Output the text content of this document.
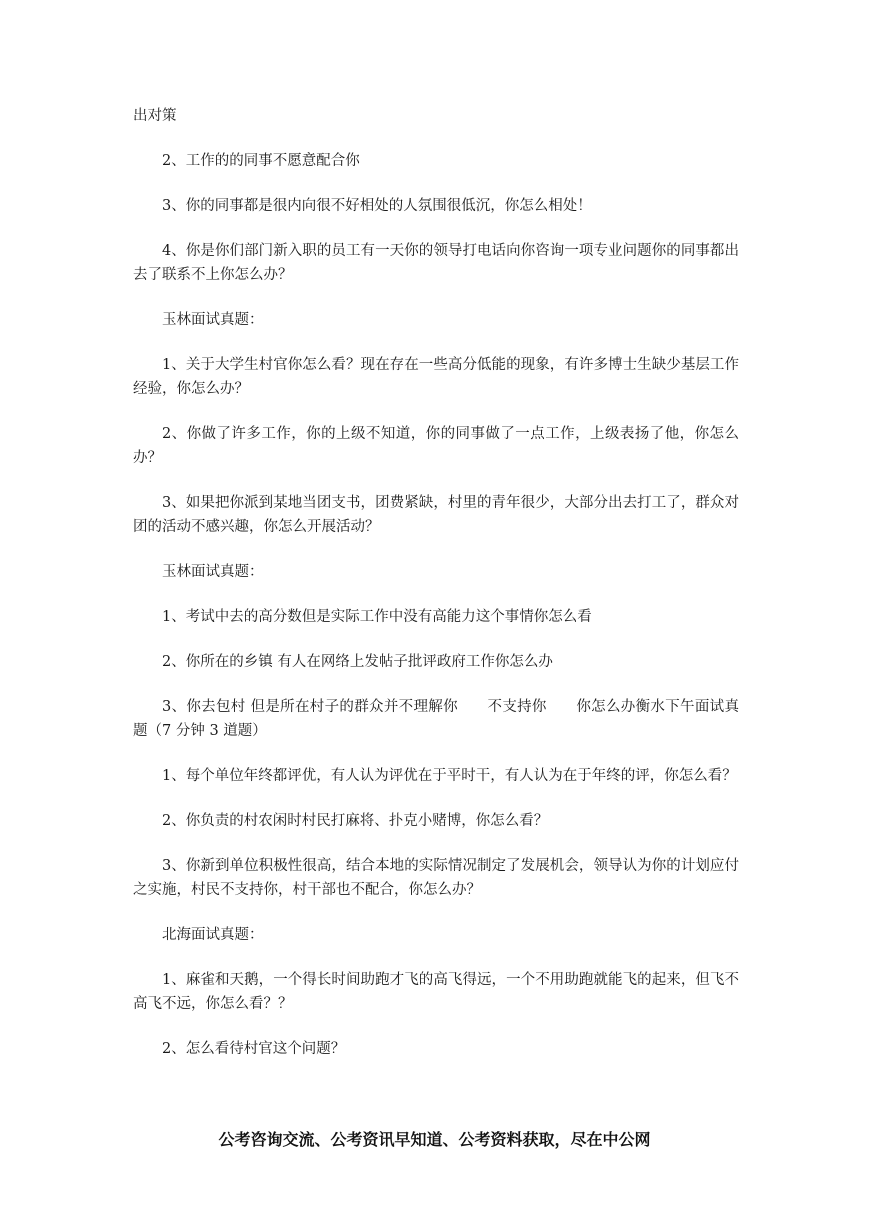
出对策

2、工作的的同事不愿意配合你

3、你的同事都是很内向很不好相处的人氛围很低沉，你怎么相处！

4、你是你们部门新入职的员工有一天你的领导打电话向你咨询一项专业问题你的同事都出去了联系不上你怎么办？

玉林面试真题：

1、关于大学生村官你怎么看？现在存在一些高分低能的现象，有许多博士生缺少基层工作经验，你怎么办？

2、你做了许多工作，你的上级不知道，你的同事做了一点工作，上级表扬了他，你怎么办？

3、如果把你派到某地当团支书，团费紧缺，村里的青年很少，大部分出去打工了，群众对团的活动不感兴趣，你怎么开展活动？

玉林面试真题：

1、考试中去的高分数但是实际工作中没有高能力这个事情你怎么看

2、你所在的乡镇 有人在网络上发帖子批评政府工作你怎么办

3、你去包村 但是所在村子的群众并不理解你　　不支持你　　你怎么办衡水下午面试真题（7 分钟 3 道题）

1、每个单位年终都评优，有人认为评优在于平时干，有人认为在于年终的评，你怎么看？

2、你负责的村农闲时村民打麻将、扑克小赌博，你怎么看？

3、你新到单位积极性很高，结合本地的实际情况制定了发展机会，领导认为你的计划应付之实施，村民不支持你，村干部也不配合，你怎么办？

北海面试真题：

1、麻雀和天鹅，一个得长时间助跑才飞的高飞得远，一个不用助跑就能飞的起来，但飞不高飞不远，你怎么看？？

2、怎么看待村官这个问题？

公考咨询交流、公考资讯早知道、公考资料获取，尽在中公网
